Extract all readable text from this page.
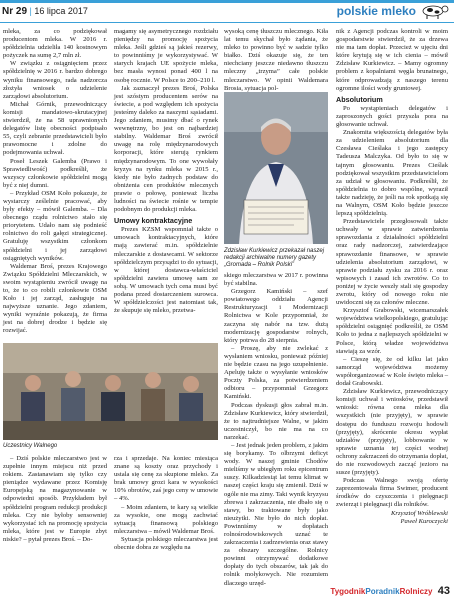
Nr 29 | 16 lipca 2017	polskie mleko

mleka, za co podziękował producentom mleka. W 2016 r. spółdzielnia udzieliła 140 kostnowym pożyczek na sumę 2,7 mln zł.

W związku z osiągnięciem przez spółdzielnię w 2016 r. bardzo dobrego wyniku finansowego, rada nadzorcza złożyła wniosek o udzielenie zarządowi absolutorium.

Michał Górnik, przewodniczący komisji mandatowo-skrutacyjnej stwierdził, że na 58 uprawnionych delegatów listę obecności podpisało 55, czyli zebranie przedstawicieli było prawomocne i zdolne do podejmowania uchwał.

Poseł Leszek Galemba (Prawo i Sprawiedliwość) podkreślił, że wszyscy członkowie spółdzielni mogą być z niej dumni.

– Przykład OSM Koło pokazuje, że wystarczy ześlelnie pracować, aby były efekty – mówił Galemba. – Dla obecnego rządu rolnictwo stało się priorytetem. Udało nam się podnieść rolnictwo do roli gałęzi strategicznej. Gratuluję wszystkim członkom spółdzielni i jej zarządowi osiągniętych wyników.

Waldemar Broś, prezes Krajowego Związku Spółdzielni Mleczarskich, w swoim wystąpieniu zwrócił uwagę na to, że to co robili członkowie OSM Koło i jej zarząd, zasługuje na najwyższe uznanie. Jego zdaniem, wyniki wyraźnie pokazują, że firma jest na dobrej drodze i będzie się rozwijać.

magamy się asymetrycznego rozdziału pieniędzy na promocję spożycia mleka. Jeśli gdzieś są jakieś rezerwy, to powinniśmy je wykorzystywać. W starych krajach UE spożycie mleka, bez masła wynosi ponad 400 l na osobę rocznie. W Polsce to 200–210 l.

Jak zaznaczył prezes Broś, Polska jest szóstym producentem serów na świecie, a pod względem ich spożycia jesteśmy daleko za naszymi sąsiadami. Jego zdaniem, musimy dbać o rynek wewnętrzny, bo jest on najbardziej stabilny. Waldemar Broś zwrócił uwagę na rolę międzynarodowych korporacji, które sterują rynkiem międzynarodowym. To one wywołały kryzys na rynku mleka w 2015 r., kiedy nie było żadnych podstaw do obniżenia cen produktów mlecznych prawie o połowę, ponieważ liczba ludności na świecie rośnie w tempie podobnym do produkcji mleka.

Umowy kontraktacyjne

Prezes KZSM wspomniał także o umowach kontraktacyjnych, które mają zawierać m.in. spółdzielnie mleczarskie z dostawcami. W sektorze spółdzielczym przysądzi to do sytuacji, w której dostawca-właściciel spółdzielni zawiera umowę sam ze sobą. W umowach tych cena musi być podana przed dostarczeniem surowca. W spółdzielczości jest natomiast tak, że skupuje się mleko, przetwa-

wysoką cenę tłuszczu mlecznego. Kiła lat temu skychał było żądania, że mleko to powinno być w sadzie tylko białko. Dziś okazuje się, że ten niechciany jeszcze niedawno tłuszczu mleczny „trzyma” całe polskie mleczarstwo. W opinii Waldemara Brosia, sytuacja pol-

Zdzisław Kurkiewicz przekazał naszej redakcji archiwalne numery gazety „Gromada – Rolnik Polski”

skiego mleczarstwa w 2017 r. powinna być stabilna.

Grzegorz Kamiński – szef powiatowego oddziału Agencji Restrukturyzacji i Modernizacji Rolnictwa w Kole przypomniał, że zaczyna się nabór na tzw. dużą modernizację gospodarstw rolnych, który potrwa do 28 sierpnia.

– Proszę, aby nie zwlekać z wysłaniem wniosku, ponieważ później nie będzie czasu na jego uzupełnienie. Apeluję także o wysyłanie wniosków Poczty Polska, za potwierdzeniem odbioru – przypomniał Grzegorz Kamiński.

Podczas dyskusji głos zabrał m.in. Zdzisław Kurkiewicz, który stwierdził, że to najtrudniejsze Walne, w jakim uczestniczył, bo nie ma na co narzekać.

– Jest jednak jeden problem, z jakim się borykamy. To olbrzymi deficyt wody. W naszej gminie Chodów mieliśmy w ubiegłym roku epicentrum suszy. Kilkadziesiąt lat temu klimat w naszej części kraju się zmienił. Dziś w ogóle nie ma zimy. Taki wynik kryzysu zbrewa i zakrzaczenia, nie dbało się o stawy, bo traktowane były jako nieużytki. Nie było do nich dopłat. Powinniśmy w dopłatach rolnośrodowiskowych uznać te zakrzaczenia i zadrzewienia oraz stawy za obszary szczególne. Rolnicy powinni otrzymywać dodatkowe dopłaty do tych obszarów, tak jak do rolnik mołykowych. Nie rozumiem dlaczego urzęd-

nik z Agencji podczas kontroli w moim gospodarstwie stwierdził, że za drzewa nie ma tam dopłat. Przecież w ujęciu dni które krytują się w ich cienia – mówił Zdzisław Kurkiewicz. – Mamy ogromny problem z kopalniami węgla brunatnego, które odprowadzają z naszego terenu ogromne ilości wody gruntowej.

Absolutorium

Po wystąpieniach delegatów i zaproszonych gości przyszła pora na głosowanie uchwał.

Znakomita większością delegatów była za udzieleniem absolutorium dla Czesława Cieślaka i jego zastępcy Tadeusza Malczyka. Od było to się w tajnym głosowaniu. Prezes Cieślak podziękował wszystkim przedstawicielom za udział w głosowaniu. Podkreślił, że spółdzielnia to dobro wspólne, wyraził także nadzieję, że jeśli na rok spotkają się na Walnym, OSM Koło będzie jeszcze lepszą spółdzielnią.

Przedstawiciele przegłosowali także uchwały w sprawie zatwierdzenia sprawozdania z działalności spółdzielni oraz rady nadzorczej, zatwierdzające sprawozdanie finansowe, w sprawie udzielenia absolutorium zarządowi, w sprawie podziału zysku za 2016 r. oraz wpisowych i zasad ich zwrotów. Co to poniżej w życie weszły stali się gospodzy zwrotu, który od nowego roku nie uwidoczni się za członów mleczne.

Krzysztof Grabowski, wicemarszałek województwa wielkopolskiego, gratulując spółdzielni osiągnięć podkreślił, że OSM Koło to jedna z najlepszych spółdzielni w Polsce, którą władze województwa stawiają za wzór.

– Cieszę się, że od kilku lat jako samorząd województwa możemy współorganizować w Kole święto mleka – dodał Grabowski.

Zdzisław Kurkiewicz, przewodniczący komisji uchwał i wniosków, przedstawił wnioski: równa cena mleka dla wszystkich (nie przyjęty), w sprawie dostępu do funduszu rozwoju hodowli (przyjęty), skrócenie okresu wypłat udziałów (przyjęty), lobbowanie w sprawie uznania tej części wodnej ochrony zakrzaczeń do otrzymania dopłat, do nie rozwodowych zacząć jezioro na susze (przyjęty).

Podczas Walnego swoją ofertę zaprezentowała firma Swimer, producent środków do czyszczenia i pielęgnacji zwierząt i pielęgnacji dla rolników.

Krzysztof Wróblewski

Paweł Kuroczycki

Uczestnicy Walnego

– Dziś polskie mleczarstwo jest w zupełnie innym miejscu niż przed rokiem. Zastanawiam się tylko czy pieniądze wydawane przez Komisję Europejską na magazynowanie w odpowiedni sposób. Przykładem był spółdzielni program redukcji produkcji mleka. Czy nie byłoby sensowniej wykorzystać ich na promocję spożycia mleka, które jest w Europie zbyt niskie? – pytał prezes Broś. – Do-

rza i sprzedaje. Na koniec miesiąca znane są koszty oraz przychody i ustala się cenę za skupione mleko. Za brak umowy grozi kara w wysokości 10% obrotów, zaś jego ceny w umowie – 4%.

– Moim zdaniem, te kary są wielkie za wysokie, one mogą zachwiać sytuacją finansową polskiego mleczarstwa – mówił Waldemar Broś.

Sytuacja polskiego mleczarstwa jest obecnie dobra ze względu na

TygodnikPoradnikRolniczy 43
